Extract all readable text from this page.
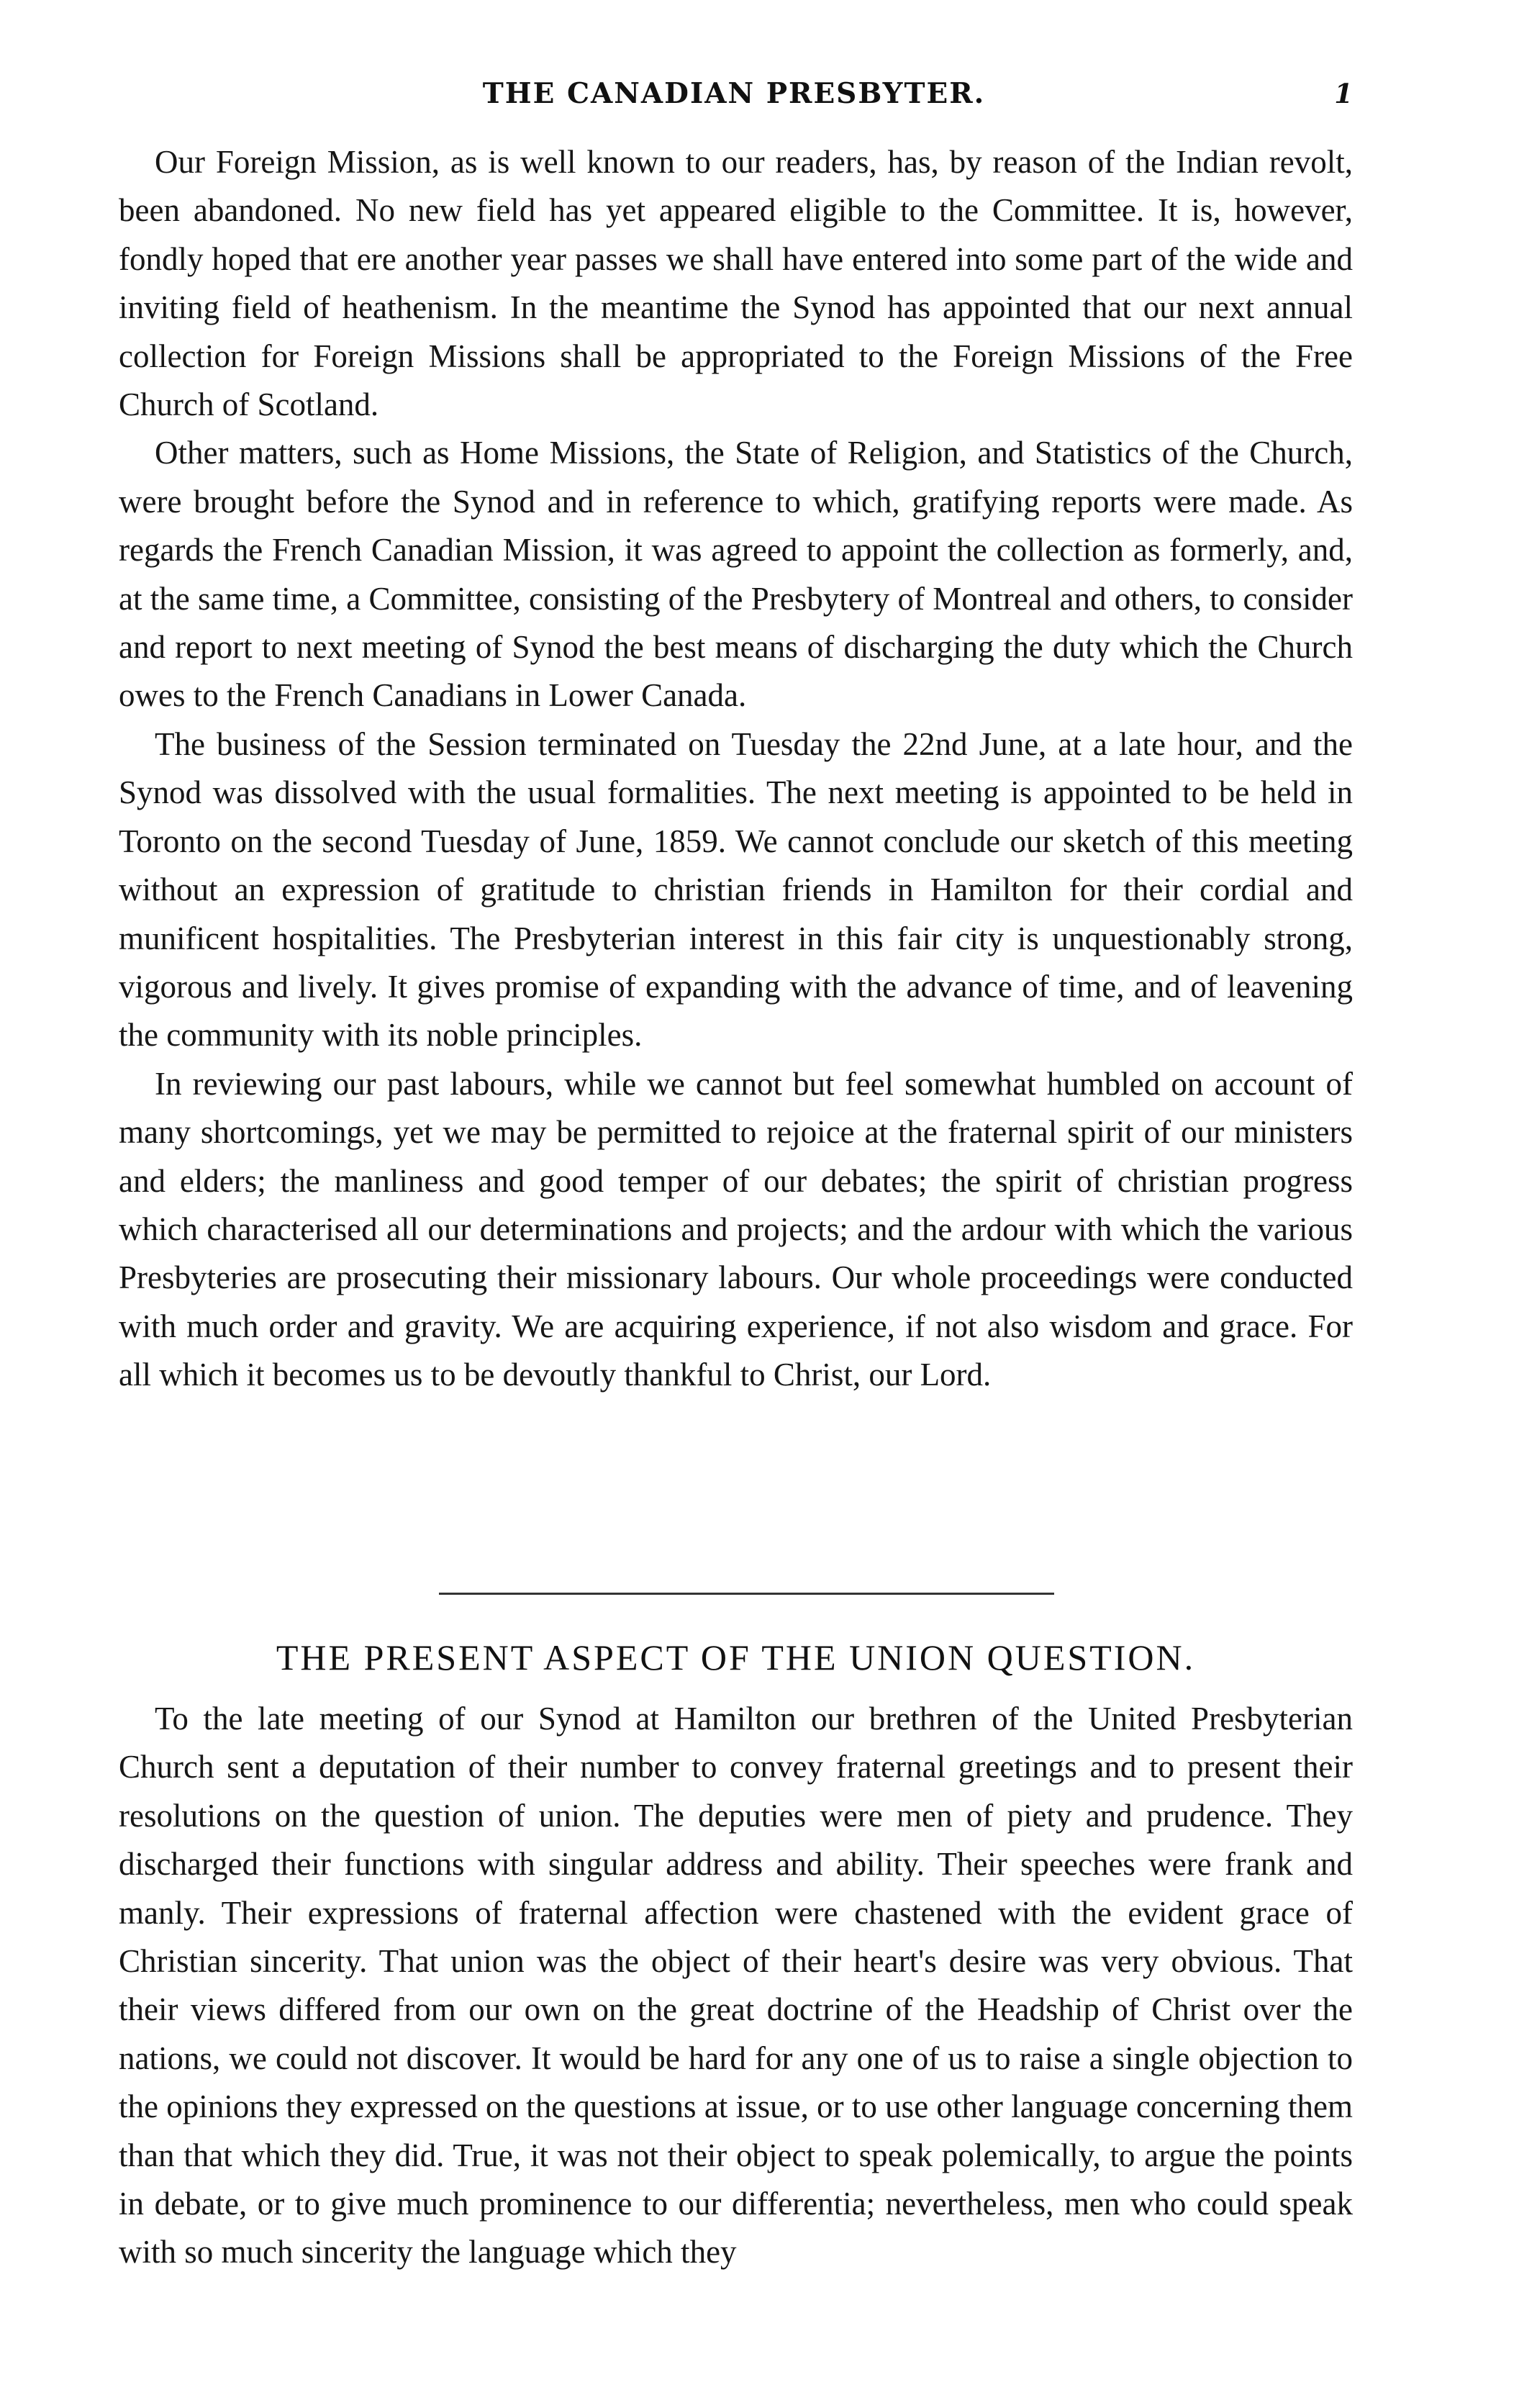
THE CANADIAN PRESBYTER.	1

Our Foreign Mission, as is well known to our readers, has, by reason of the Indian revolt, been abandoned. No new field has yet appeared eligible to the Committee. It is, however, fondly hoped that ere another year passes we shall have entered into some part of the wide and inviting field of heathenism. In the meantime the Synod has appointed that our next annual collection for Foreign Missions shall be appropriated to the Foreign Missions of the Free Church of Scotland.

Other matters, such as Home Missions, the State of Religion, and Statistics of the Church, were brought before the Synod and in reference to which, gratifying reports were made. As regards the French Canadian Mission, it was agreed to appoint the collection as formerly, and, at the same time, a Committee, consisting of the Presbytery of Montreal and others, to consider and report to next meeting of Synod the best means of discharging the duty which the Church owes to the French Canadians in Lower Canada.

The business of the Session terminated on Tuesday the 22nd June, at a late hour, and the Synod was dissolved with the usual formalities. The next meeting is appointed to be held in Toronto on the second Tuesday of June, 1859. We cannot conclude our sketch of this meeting without an expression of gratitude to christian friends in Hamilton for their cordial and munificent hospitalities. The Presbyterian interest in this fair city is unquestionably strong, vigorous and lively. It gives promise of expanding with the advance of time, and of leavening the community with its noble principles.

In reviewing our past labours, while we cannot but feel somewhat humbled on account of many shortcomings, yet we may be permitted to rejoice at the fraternal spirit of our ministers and elders; the manliness and good temper of our debates; the spirit of christian progress which characterised all our determinations and projects; and the ardour with which the various Presbyteries are prosecuting their missionary labours. Our whole proceedings were conducted with much order and gravity. We are acquiring experience, if not also wisdom and grace. For all which it becomes us to be devoutly thankful to Christ, our Lord.

THE PRESENT ASPECT OF THE UNION QUESTION.

To the late meeting of our Synod at Hamilton our brethren of the United Presbyterian Church sent a deputation of their number to convey fraternal greetings and to present their resolutions on the question of union. The deputies were men of piety and prudence. They discharged their functions with singular address and ability. Their speeches were frank and manly. Their expressions of fraternal affection were chastened with the evident grace of Christian sincerity. That union was the object of their heart's desire was very obvious. That their views differed from our own on the great doctrine of the Headship of Christ over the nations, we could not discover. It would be hard for any one of us to raise a single objection to the opinions they expressed on the questions at issue, or to use other language concerning them than that which they did. True, it was not their object to speak polemically, to argue the points in debate, or to give much prominence to our differentia; nevertheless, men who could speak with so much sincerity the language which they
